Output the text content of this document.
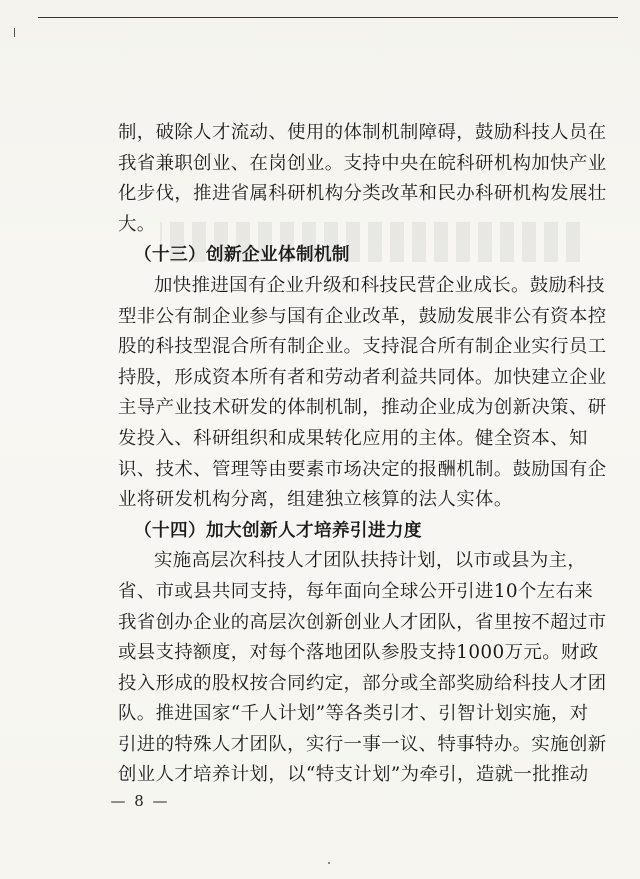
制，破除人才流动、使用的体制机制障碍，鼓励科技人员在
我省兼职创业、在岗创业。支持中央在皖科研机构加快产业
化步伐，推进省属科研机构分类改革和民办科研机构发展壮
大。
（十三）创新企业体制机制
加快推进国有企业升级和科技民营企业成长。鼓励科技
型非公有制企业参与国有企业改革，鼓励发展非公有资本控
股的科技型混合所有制企业。支持混合所有制企业实行员工
持股，形成资本所有者和劳动者利益共同体。加快建立企业
主导产业技术研发的体制机制，推动企业成为创新决策、研
发投入、科研组织和成果转化应用的主体。健全资本、知
识、技术、管理等由要素市场决定的报酬机制。鼓励国有企
业将研发机构分离，组建独立核算的法人实体。
（十四）加大创新人才培养引进力度
实施高层次科技人才团队扶持计划，以市或县为主，
省、市或县共同支持，每年面向全球公开引进10个左右来
我省创办企业的高层次创新创业人才团队，省里按不超过市
或县支持额度，对每个落地团队参股支持1000万元。财政
投入形成的股权按合同约定，部分或全部奖励给科技人才团
队。推进国家“千人计划”等各类引才、引智计划实施，对
引进的特殊人才团队，实行一事一议、特事特办。实施创新
创业人才培养计划，以“特支计划”为牵引，造就一批推动
— 8 —
